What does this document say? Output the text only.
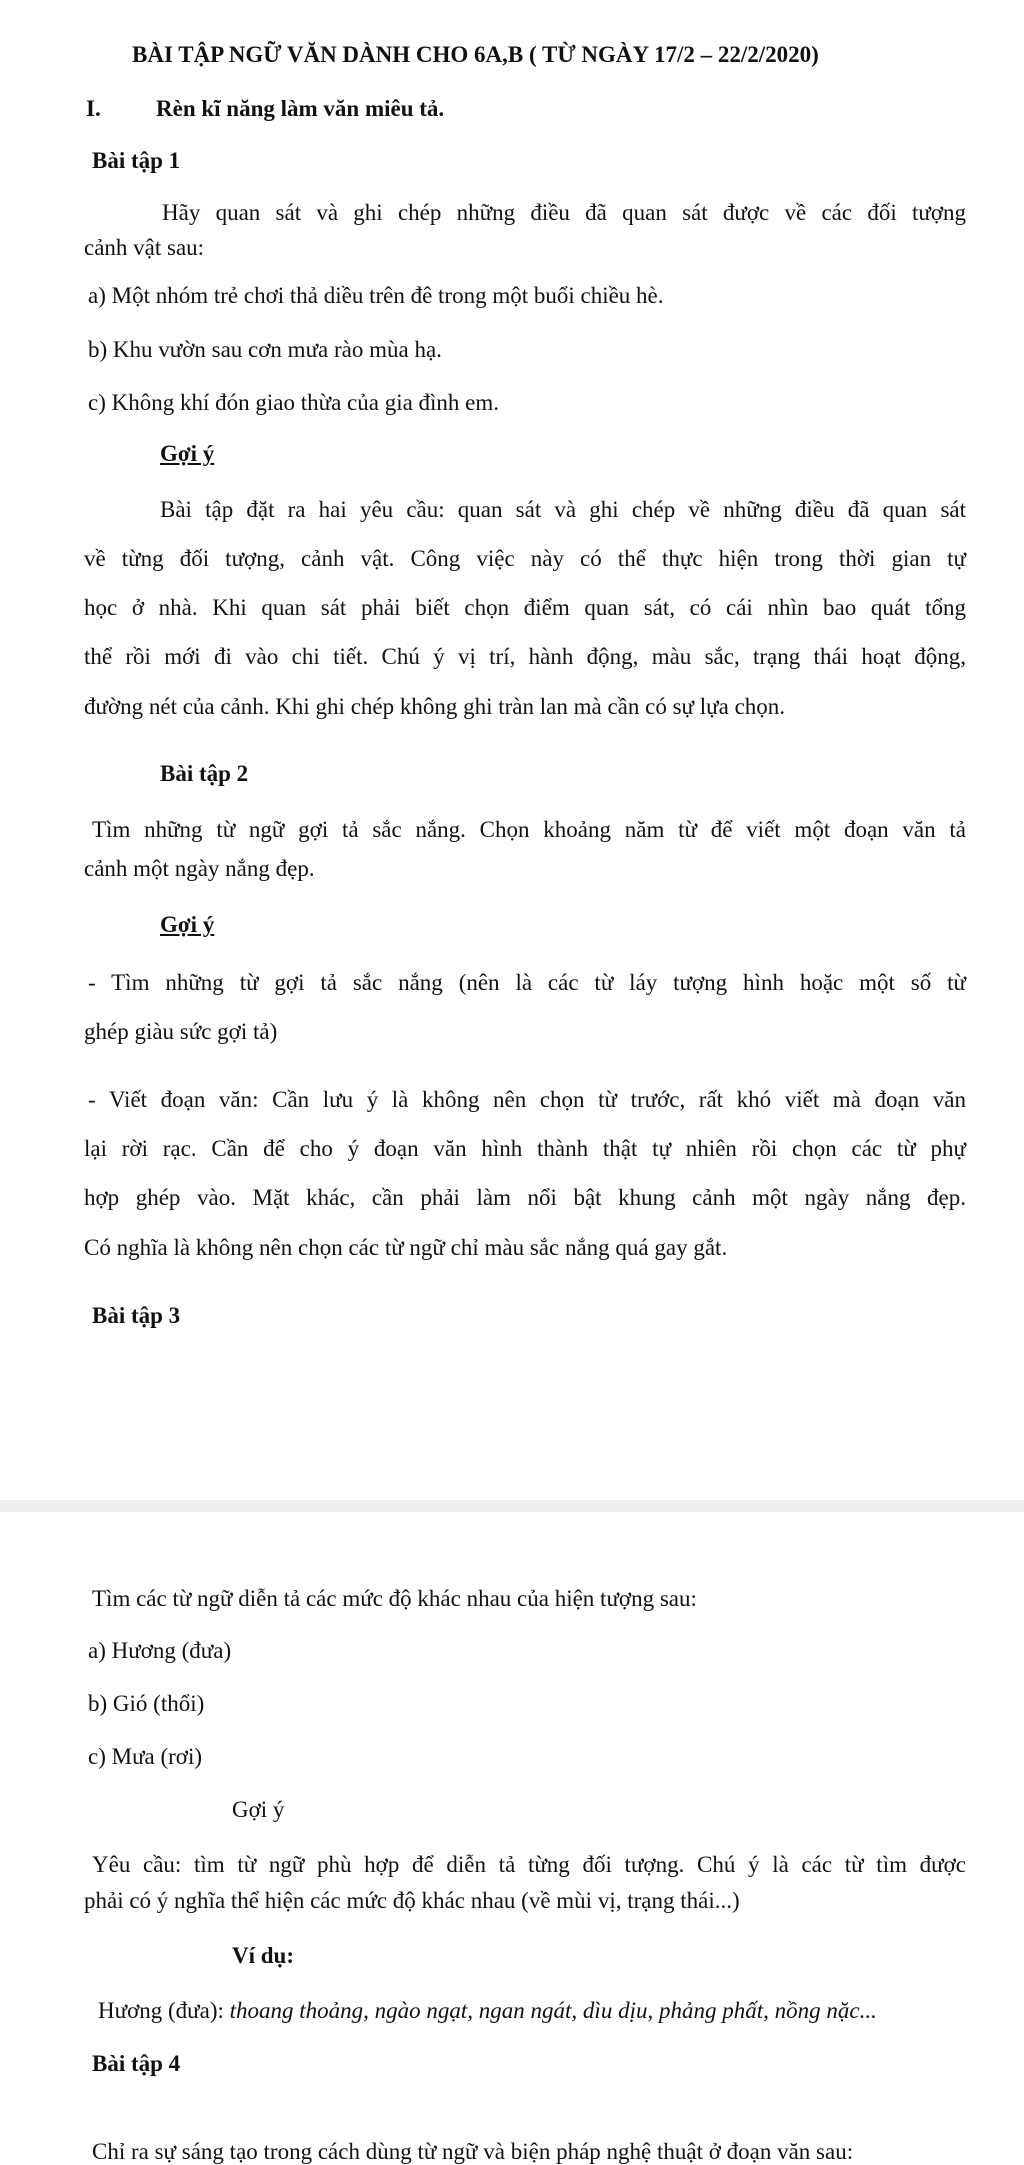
BÀI TẬP NGỮ VĂN DÀNH CHO 6A,B ( TỪ NGÀY 17/2 – 22/2/2020)
I. Rèn kĩ năng làm văn miêu tả.
Bài tập 1
Hãy quan sát và ghi chép những điều đã quan sát được về các đối tượng
cảnh vật sau:
a) Một nhóm trẻ chơi thả diều trên đê trong một buổi chiều hè.
b) Khu vườn sau cơn mưa rào mùa hạ.
c) Không khí đón giao thừa của gia đình em.
Gợi ý
Bài tập đặt ra hai yêu cầu: quan sát và ghi chép về những điều đã quan sát
về từng đối tượng, cảnh vật. Công việc này có thể thực hiện trong thời gian tự
học ở nhà. Khi quan sát phải biết chọn điểm quan sát, có cái nhìn bao quát tổng
thể rồi mới đi vào chi tiết. Chú ý vị trí, hành động, màu sắc, trạng thái hoạt động,
đường nét của cảnh. Khi ghi chép không ghi tràn lan mà cần có sự lựa chọn.
Bài tập 2
Tìm những từ ngữ gợi tả sắc nắng. Chọn khoảng năm từ để viết một đoạn văn tả
cảnh một ngày nắng đẹp.
Gợi ý
- Tìm những từ gợi tả sắc nắng (nên là các từ láy tượng hình hoặc một số từ
ghép giàu sức gợi tả)
- Viết đoạn văn: Cần lưu ý là không nên chọn từ trước, rất khó viết mà đoạn văn
lại rời rạc. Cần để cho ý đoạn văn hình thành thật tự nhiên rồi chọn các từ phự
hợp ghép vào. Mặt khác, cần phải làm nổi bật khung cảnh một ngày nắng đẹp.
Có nghĩa là không nên chọn các từ ngữ chỉ màu sắc nắng quá gay gắt.
Bài tập 3
Tìm các từ ngữ diễn tả các mức độ khác nhau của hiện tượng sau:
a) Hương (đưa)
b) Gió (thổi)
c) Mưa (rơi)
Gợi ý
Yêu cầu: tìm từ ngữ phù hợp để diễn tả từng đối tượng. Chú ý là các từ tìm được
phải có ý nghĩa thể hiện các mức độ khác nhau (về mùi vị, trạng thái...)
Ví dụ:
Hương (đưa): thoang thoảng, ngào ngạt, ngan ngát, dìu dịu, phảng phất, nồng nặc...
Bài tập 4
Chỉ ra sự sáng tạo trong cách dùng từ ngữ và biện pháp nghệ thuật ở đoạn văn sau:
